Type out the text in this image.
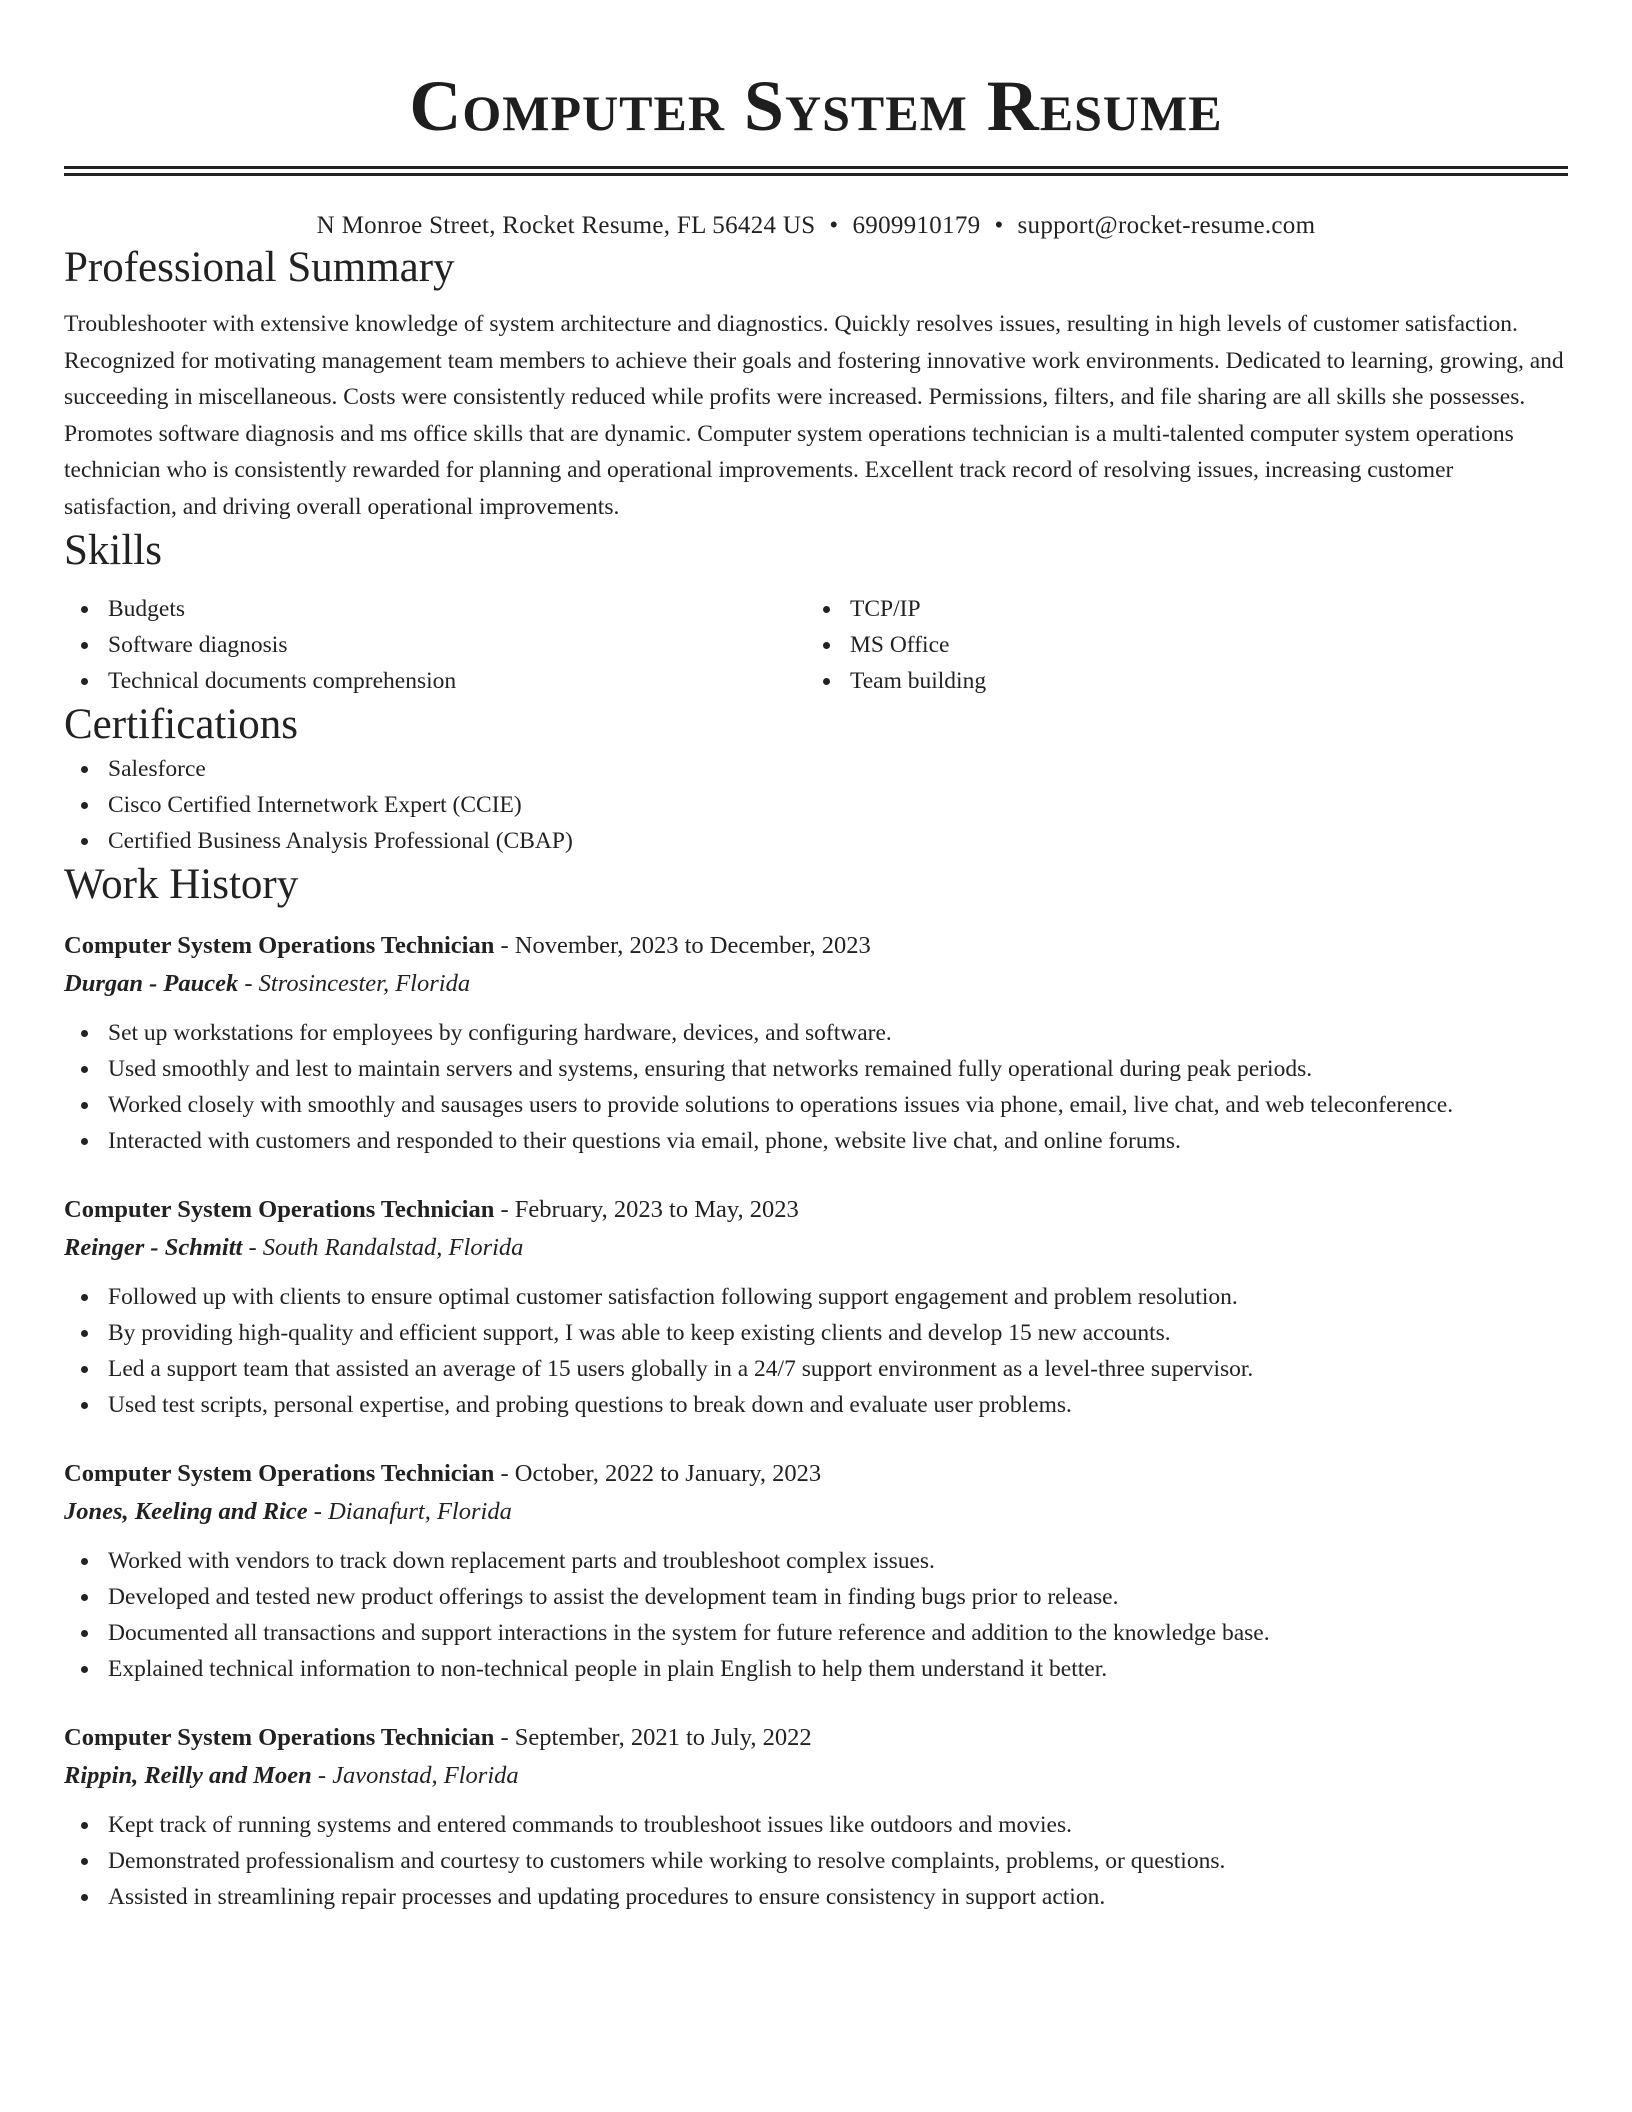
Computer System Resume
N Monroe Street, Rocket Resume, FL 56424 US • 6909910179 • support@rocket-resume.com
Professional Summary

Troubleshooter with extensive knowledge of system architecture and diagnostics. Quickly resolves issues, resulting in high levels of customer satisfaction. Recognized for motivating management team members to achieve their goals and fostering innovative work environments. Dedicated to learning, growing, and succeeding in miscellaneous. Costs were consistently reduced while profits were increased. Permissions, filters, and file sharing are all skills she possesses. Promotes software diagnosis and ms office skills that are dynamic. Computer system operations technician is a multi-talented computer system operations technician who is consistently rewarded for planning and operational improvements. Excellent track record of resolving issues, increasing customer satisfaction, and driving overall operational improvements.

Skills
Budgets
Software diagnosis
Technical documents comprehension
TCP/IP
MS Office
Team building
Certifications
Salesforce
Cisco Certified Internetwork Expert (CCIE)
Certified Business Analysis Professional (CBAP)
Work History
Computer System Operations Technician - November, 2023 to December, 2023
Durgan - Paucek - Strosincester, Florida
Set up workstations for employees by configuring hardware, devices, and software.
Used smoothly and lest to maintain servers and systems, ensuring that networks remained fully operational during peak periods.
Worked closely with smoothly and sausages users to provide solutions to operations issues via phone, email, live chat, and web teleconference.
Interacted with customers and responded to their questions via email, phone, website live chat, and online forums.
Computer System Operations Technician - February, 2023 to May, 2023
Reinger - Schmitt - South Randalstad, Florida
Followed up with clients to ensure optimal customer satisfaction following support engagement and problem resolution.
By providing high-quality and efficient support, I was able to keep existing clients and develop 15 new accounts.
Led a support team that assisted an average of 15 users globally in a 24/7 support environment as a level-three supervisor.
Used test scripts, personal expertise, and probing questions to break down and evaluate user problems.
Computer System Operations Technician - October, 2022 to January, 2023
Jones, Keeling and Rice - Dianafurt, Florida
Worked with vendors to track down replacement parts and troubleshoot complex issues.
Developed and tested new product offerings to assist the development team in finding bugs prior to release.
Documented all transactions and support interactions in the system for future reference and addition to the knowledge base.
Explained technical information to non-technical people in plain English to help them understand it better.
Computer System Operations Technician - September, 2021 to July, 2022
Rippin, Reilly and Moen - Javonstad, Florida
Kept track of running systems and entered commands to troubleshoot issues like outdoors and movies.
Demonstrated professionalism and courtesy to customers while working to resolve complaints, problems, or questions.
Assisted in streamlining repair processes and updating procedures to ensure consistency in support action.
